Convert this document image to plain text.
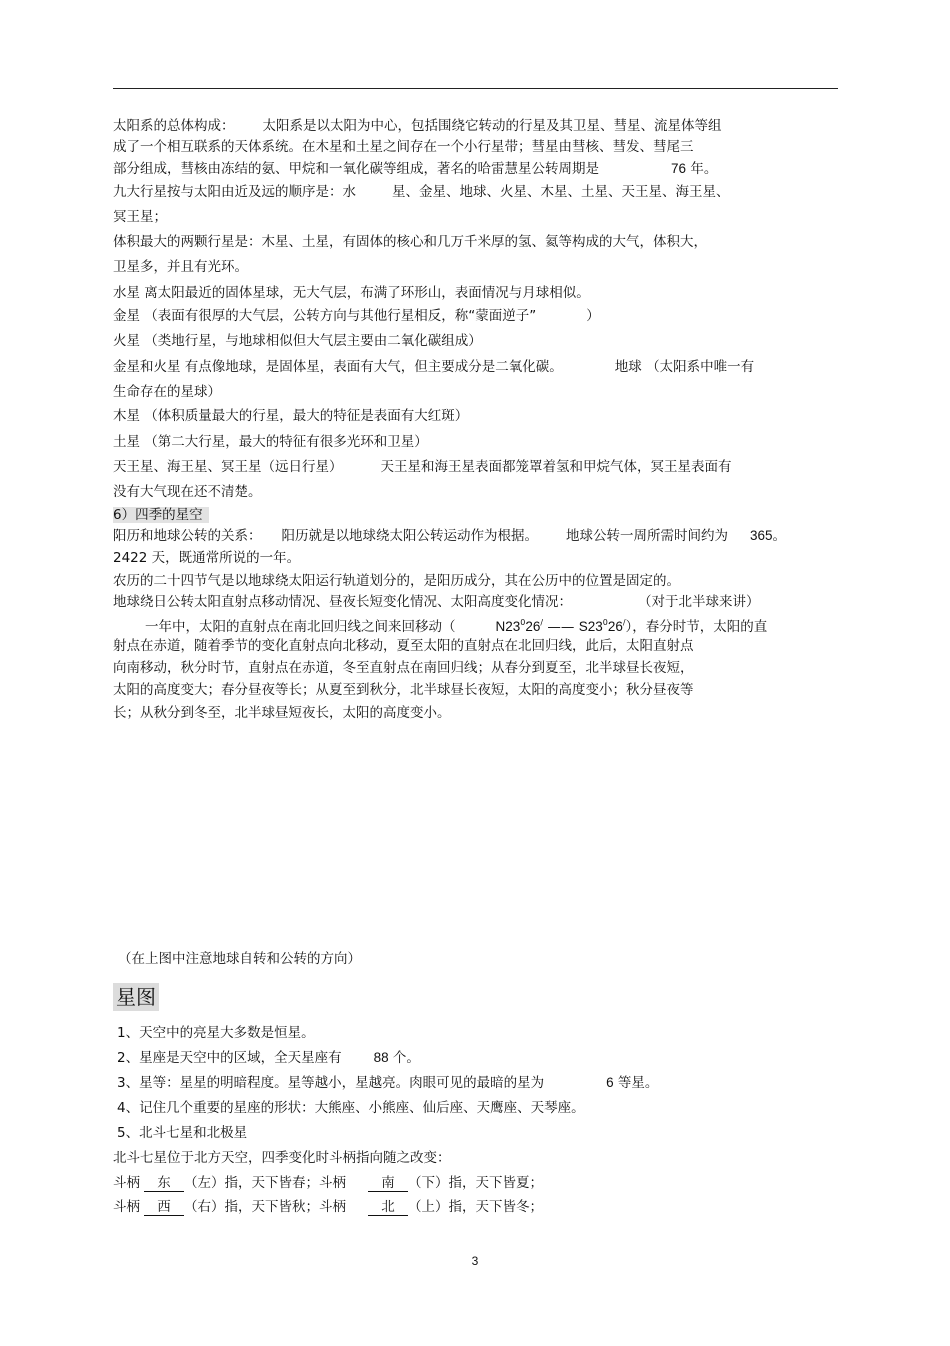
太阳系的总体构成： 太阳系是以太阳为中心，包括围绕它转动的行星及其卫星、彗星、流星体等组
成了一个相互联系的天体系统。在木星和土星之间存在一个小行星带；彗星由彗核、彗发、彗尾三
部分组成，彗核由冻结的氨、甲烷和一氧化碳等组成，著名的哈雷慧星公转周期是	76 年。
九大行星按与太阳由近及远的顺序是：水	星、金星、地球、火星、木星、土星、天王星、海王星、
冥王星；
体积最大的两颗行星是：木星、土星，有固体的核心和几万千米厚的氢、氦等构成的大气，体积大，
卫星多，并且有光环。
水星 离太阳最近的固体星球，无大气层，布满了环形山，表面情况与月球相似。
金星 （表面有很厚的大气层，公转方向与其他行星相反，称“蒙面逆子”	）
火星 （类地行星，与地球相似但大气层主要由二氧化碳组成）
金星和火星 有点像地球，是固体星，表面有大气，但主要成分是二氧化碳。	地球 （太阳系中唯一有
生命存在的星球）
木星 （体积质量最大的行星，最大的特征是表面有大红斑）
土星 （第二大行星，最大的特征有很多光环和卫星）
天王星、海王星、冥王星（远日行星）	天王星和海王星表面都笼罩着氢和甲烷气体，冥王星表面有
没有大气现在还不清楚。
6）四季的星空
阳历和地球公转的关系： 阳历就是以地球绕太阳公转运动作为根据。 地球公转一周所需时间约为 365。
2422 天，既通常所说的一年。
农历的二十四节气是以地球绕太阳运行轨道划分的，是阳历成分，其在公历中的位置是固定的。
地球绕日公转太阳直射点移动情况、昼夜长短变化情况、太阳高度变化情况：	（对于北半球来讲）
一年中，太阳的直射点在南北回归线之间来回移动（	$N23^026^/$ —— $S23^026^/$），春分时节，太阳的直
射点在赤道，随着季节的变化直射点向北移动，夏至太阳的直射点在北回归线，此后，太阳直射点
向南移动，秋分时节，直射点在赤道，冬至直射点在南回归线；从春分到夏至，北半球昼长夜短，
太阳的高度变大；春分昼夜等长；从夏至到秋分，北半球昼长夜短，太阳的高度变小；秋分昼夜等
长；从秋分到冬至，北半球昼短夜长，太阳的高度变小。
（在上图中注意地球自转和公转的方向）
星图
1、天空中的亮星大多数是恒星。
2、星座是天空中的区域，全天星座有 88 个。
3、星等：星星的明暗程度。星等越小，星越亮。肉眼可见的最暗的星为	6 等星。
4、记住几个重要的星座的形状：大熊座、小熊座、仙后座、天鹰座、天琴座。
5、北斗七星和北极星
北斗七星位于北方天空，四季变化时斗柄指向随之改变：
斗柄 东 （左）指，天下皆春；斗柄	南 （下）指，天下皆夏；
斗柄 西 （右）指，天下皆秋；斗柄	北 （上）指，天下皆冬；
3
